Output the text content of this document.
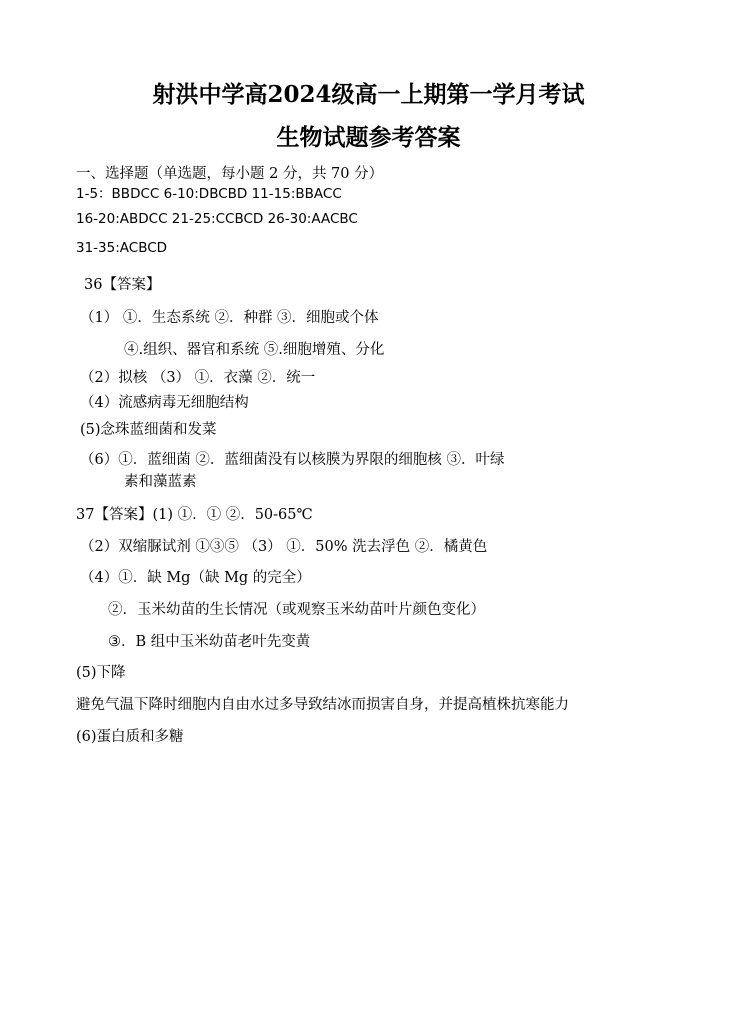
射洪中学高2024级高一上期第一学月考试
生物试题参考答案
一、选择题（单选题，每小题 2 分，共 70 分）
1-5：BBDCC 6-10:DBCBD 11-15:BBACC
16-20:ABDCC 21-25:CCBCD 26-30:AACBC
31-35:ACBCD
36【答案】
（1） ①．生态系统 ②．种群 ③．细胞或个体
④.组织、器官和系统 ⑤.细胞增殖、分化
（2）拟核 （3） ①．衣藻 ②．统一
（4）流感病毒无细胞结构
(5)念珠蓝细菌和发菜
（6）①．蓝细菌 ②．蓝细菌没有以核膜为界限的细胞核 ③．叶绿
素和藻蓝素
37【答案】(1) ①．① ②．50-65℃
（2）双缩脲试剂 ①③⑤ （3） ①．50% 洗去浮色 ②．橘黄色
（4）①．缺 Mg（缺 Mg 的完全）
②．玉米幼苗的生长情况（或观察玉米幼苗叶片颜色变化）
③．B 组中玉米幼苗老叶先变黄
(5)下降
避免气温下降时细胞内自由水过多导致结冰而损害自身，并提高植株抗寒能力
(6)蛋白质和多糖
